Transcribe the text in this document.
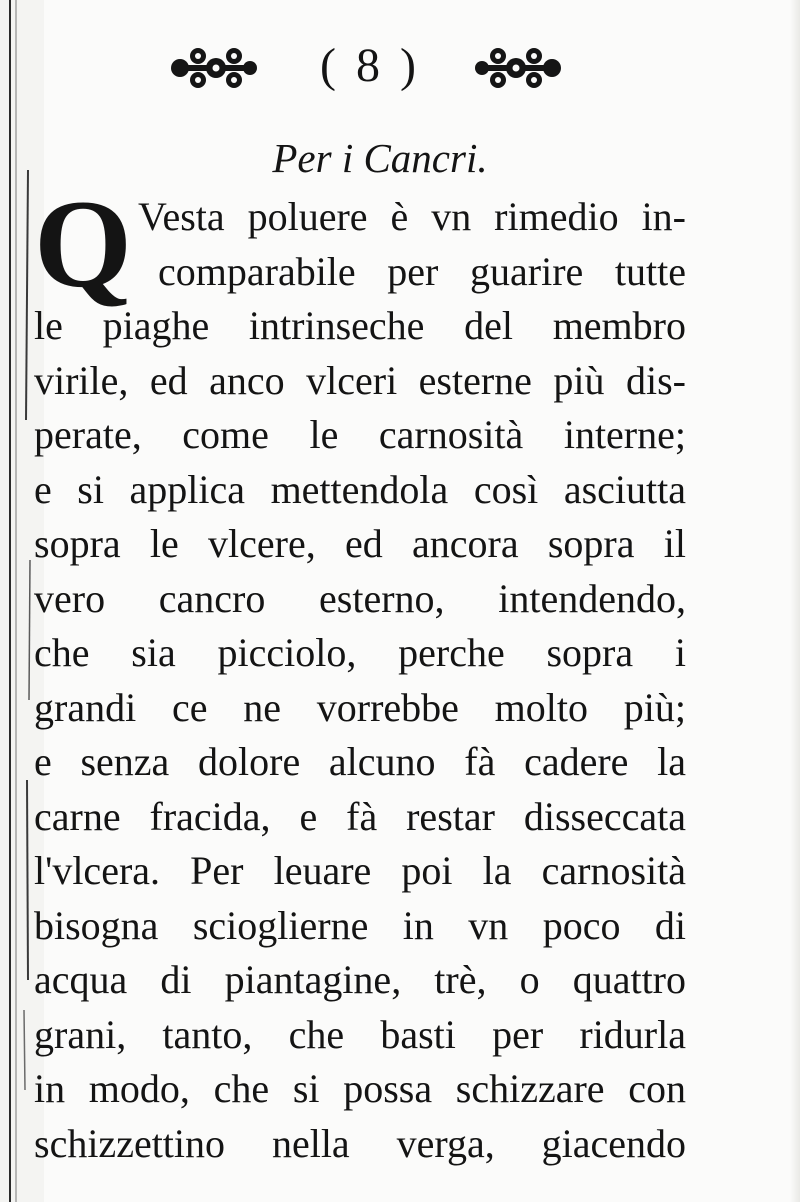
( 8 )
Per i Cancri.
Q Vesta poluere è vn rimedio in-
comparabile per guarire tutte
le piaghe intrinseche del membro
virile, ed anco vlceri esterne più dis-
perate, come le carnosità interne;
e si applica mettendola così asciutta
sopra le vlcere, ed ancora sopra il
vero cancro esterno, intendendo,
che sia picciolo, perche sopra i
grandi ce ne vorrebbe molto più;
e senza dolore alcuno fà cadere la
carne fracida, e fà restar disseccata
l'vlcera. Per leuare poi la carnosità
bisogna scioglierne in vn poco di
acqua di piantagine, trè, o quattro
grani, tanto, che basti per ridurla
in modo, che si possa schizzare con
schizzettino nella verga, giacendo
